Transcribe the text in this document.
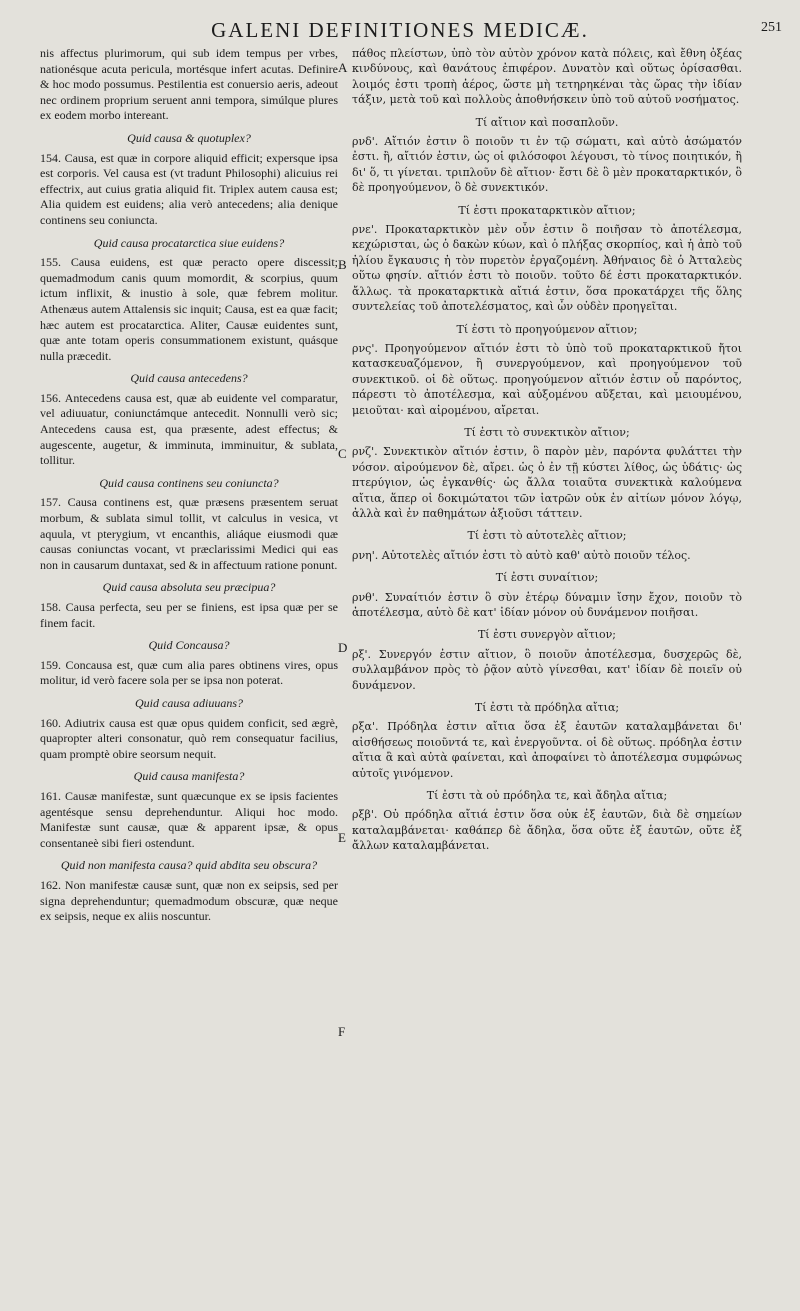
GALENI DEFINITIONES MEDICÆ.	251
A
B
C
D
E
F

nis affectus plurimorum, qui sub idem tempus per vrbes, nationésque acuta pericula, mortésque infert acutas. Definire & hoc modo possumus. Pestilentia est conuersio aeris, adeout nec ordinem proprium seruent anni tempora, simúlque plures ex eodem morbo intereant.

Quid causa & quotuplex?

154. Causa, est quæ in corpore aliquid efficit; expersque ipsa est corporis. Vel causa est (vt tradunt Philosophi) alicuius rei effectrix, aut cuius gratia aliquid fit. Triplex autem causa est; Alia quidem est euidens; alia verò antecedens; alia denique continens seu coniuncta.

Quid causa procatarctica siue euidens?

155. Causa euidens, est quæ peracto opere discessit; quemadmodum canis quum momordit, & scorpius, quum ictum inflixit, & inustio à sole, quæ febrem molitur. Athenæus autem Attalensis sic inquit; Causa, est ea quæ facit; hæc autem est procatarctica. Aliter, Causæ euidentes sunt, quæ ante totam operis consummationem existunt, quásque nulla præcedit.

Quid causa antecedens?

156. Antecedens causa est, quæ ab euidente vel comparatur, vel adiuuatur, coniunctámque antecedit. Nonnulli verò sic; Antecedens causa est, qua præsente, adest effectus; & augescente, augetur, & imminuta, imminuitur, & sublata, tollitur.

Quid causa continens seu coniuncta?

157. Causa continens est, quæ præsens præsentem seruat morbum, & sublata simul tollit, vt calculus in vesica, vt aquula, vt pterygium, vt encanthis, aliáque eiusmodi quæ causas coniunctas vocant, vt præclarissimi Medici qui eas non in causarum duntaxat, sed & in affectuum ratione ponunt.

Quid causa absoluta seu præcipua?

158. Causa perfecta, seu per se finiens, est ipsa quæ per se finem facit.

Quid Concausa?

159. Concausa est, quæ cum alia pares obtinens vires, opus molitur, id verò facere sola per se ipsa non poterat.

Quid causa adiuuans?

160. Adiutrix causa est quæ opus quidem conficit, sed ægrè, quapropter alteri consonatur, quò rem consequatur facilius, quam promptè obire seorsum nequit.

Quid causa manifesta?

161. Causæ manifestæ, sunt quæcunque ex se ipsis facientes agentésque sensu deprehenduntur. Aliqui hoc modo. Manifestæ sunt causæ, quæ & apparent ipsæ, & opus consentaneè sibi fieri ostendunt.

Quid non manifesta causa? quid abdita seu obscura?

162. Non manifestæ causæ sunt, quæ non ex seipsis, sed per signa deprehenduntur; quemadmodum obscuræ, quæ neque ex seipsis, neque ex aliis noscuntur.

πάθος πλείστων, ὑπὸ τὸν αὐτὸν χρόνον κατὰ πόλεις, καὶ ἔθνη ὀξέας κινδύνους, καὶ θανάτους ἐπιφέρον. Δυνατὸν καὶ οὕτως ὁρίσασθαι. λοιμός ἐστι τροπὴ ἀέρος, ὥστε μὴ τετηρηκέναι τὰς ὥρας τὴν ἰδίαν τάξιν, μετὰ τοῦ καὶ πολλοὺς ἀποθνήσκειν ὑπὸ τοῦ αὐτοῦ νοσήματος.

Τί αἴτιον καὶ ποσαπλοῦν.

ρνδ'. Αἴτιόν ἐστιν ὃ ποιοῦν τι ἐν τῷ σώματι, καὶ αὐτὸ ἀσώματόν ἐστι. ἢ, αἴτιόν ἐστιν, ὡς οἱ φιλόσοφοι λέγουσι, τὸ τίνος ποιητικόν, ἢ δι' ὅ, τι γίνεται. τριπλοῦν δὲ αἴτιον· ἔστι δὲ ὃ μὲν προκαταρκτικόν, ὃ δὲ προηγούμενον, ὃ δὲ συνεκτικόν.

Τί ἐστι προκαταρκτικὸν αἴτιον;

ρνε'. Προκαταρκτικὸν μὲν οὖν ἐστιν ὃ ποιῆσαν τὸ ἀποτέλεσμα, κεχώρισται, ὡς ὁ δακὼν κύων, καὶ ὁ πλήξας σκορπίος, καὶ ἡ ἀπὸ τοῦ ἡλίου ἔγκαυσις ἡ τὸν πυρετὸν ἐργαζομένη. Ἀθήναιος δὲ ὁ Ἀτταλεὺς οὕτω φησίν. αἴτιόν ἐστι τὸ ποιοῦν. τοῦτο δέ ἐστι προκαταρκτικόν. ἄλλως. τὰ προκαταρκτικὰ αἴτιά ἐστιν, ὅσα προκατάρχει τῆς ὅλης συντελείας τοῦ ἀποτελέσματος, καὶ ὧν οὐδὲν προηγεῖται.

Τί ἐστι τὸ προηγούμενον αἴτιον;

ρνς'. Προηγούμενον αἴτιόν ἐστι τὸ ὑπὸ τοῦ προκαταρκτικοῦ ἤτοι κατασκευαζόμενον, ἢ συνεργούμενον, καὶ προηγούμενον τοῦ συνεκτικοῦ. οἱ δὲ οὕτως. προηγούμενον αἴτιόν ἐστιν οὗ παρόντος, πάρεστι τὸ ἀποτέλεσμα, καὶ αὐξομένου αὔξεται, καὶ μειουμένου, μειοῦται· καὶ αἰρομένου, αἴρεται.

Τί ἐστι τὸ συνεκτικὸν αἴτιον;

ρνζ'. Συνεκτικὸν αἴτιόν ἐστιν, ὃ παρὸν μὲν, παρόντα φυλάττει τὴν νόσον. αἰρούμενον δὲ, αἴρει. ὡς ὁ ἐν τῇ κύστει λίθος, ὡς ὑδάτις· ὡς πτερύγιον, ὡς ἐγκανθίς· ὡς ἄλλα τοιαῦτα συνεκτικὰ καλούμενα αἴτια, ἅπερ οἱ δοκιμώτατοι τῶν ἰατρῶν οὐκ ἐν αἰτίων μόνον λόγῳ, ἀλλὰ καὶ ἐν παθημάτων ἀξιοῦσι τάττειν.

Τί ἐστι τὸ αὐτοτελὲς αἴτιον;

ρνη'. Αὐτοτελὲς αἴτιόν ἐστι τὸ αὐτὸ καθ' αὑτὸ ποιοῦν τέλος.

Τί ἐστι συναίτιον;

ρνθ'. Συναίτιόν ἐστιν ὃ σὺν ἑτέρῳ δύναμιν ἴσην ἔχον, ποιοῦν τὸ ἀποτέλεσμα, αὐτὸ δὲ κατ' ἰδίαν μόνον οὐ δυνάμενον ποιῆσαι.

Τί ἐστι συνεργὸν αἴτιον;

ρξ'. Συνεργόν ἐστιν αἴτιον, ὃ ποιοῦν ἀποτέλεσμα, δυσχερῶς δὲ, συλλαμβάνον πρὸς τὸ ῥᾷον αὐτὸ γίνεσθαι, κατ' ἰδίαν δὲ ποιεῖν οὐ δυνάμενον.

Τί ἐστι τὰ πρόδηλα αἴτια;

ρξα'. Πρόδηλα ἐστιν αἴτια ὅσα ἐξ ἑαυτῶν καταλαμβάνεται δι' αἰσθήσεως ποιοῦντά τε, καὶ ἐνεργοῦντα. οἱ δὲ οὕτως. πρόδηλα ἐστιν αἴτια ἃ καὶ αὐτὰ φαίνεται, καὶ ἀποφαίνει τὸ ἀποτέλεσμα συμφώνως αὐτοῖς γινόμενον.

Τί ἐστι τὰ οὐ πρόδηλα τε, καὶ ἄδηλα αἴτια;

ρξβ'. Οὐ πρόδηλα αἴτιά ἐστιν ὅσα οὐκ ἐξ ἑαυτῶν, διὰ δὲ σημείων καταλαμβάνεται· καθάπερ δὲ ἄδηλα, ὅσα οὔτε ἐξ ἑαυτῶν, οὔτε ἐξ ἄλλων καταλαμβάνεται.
